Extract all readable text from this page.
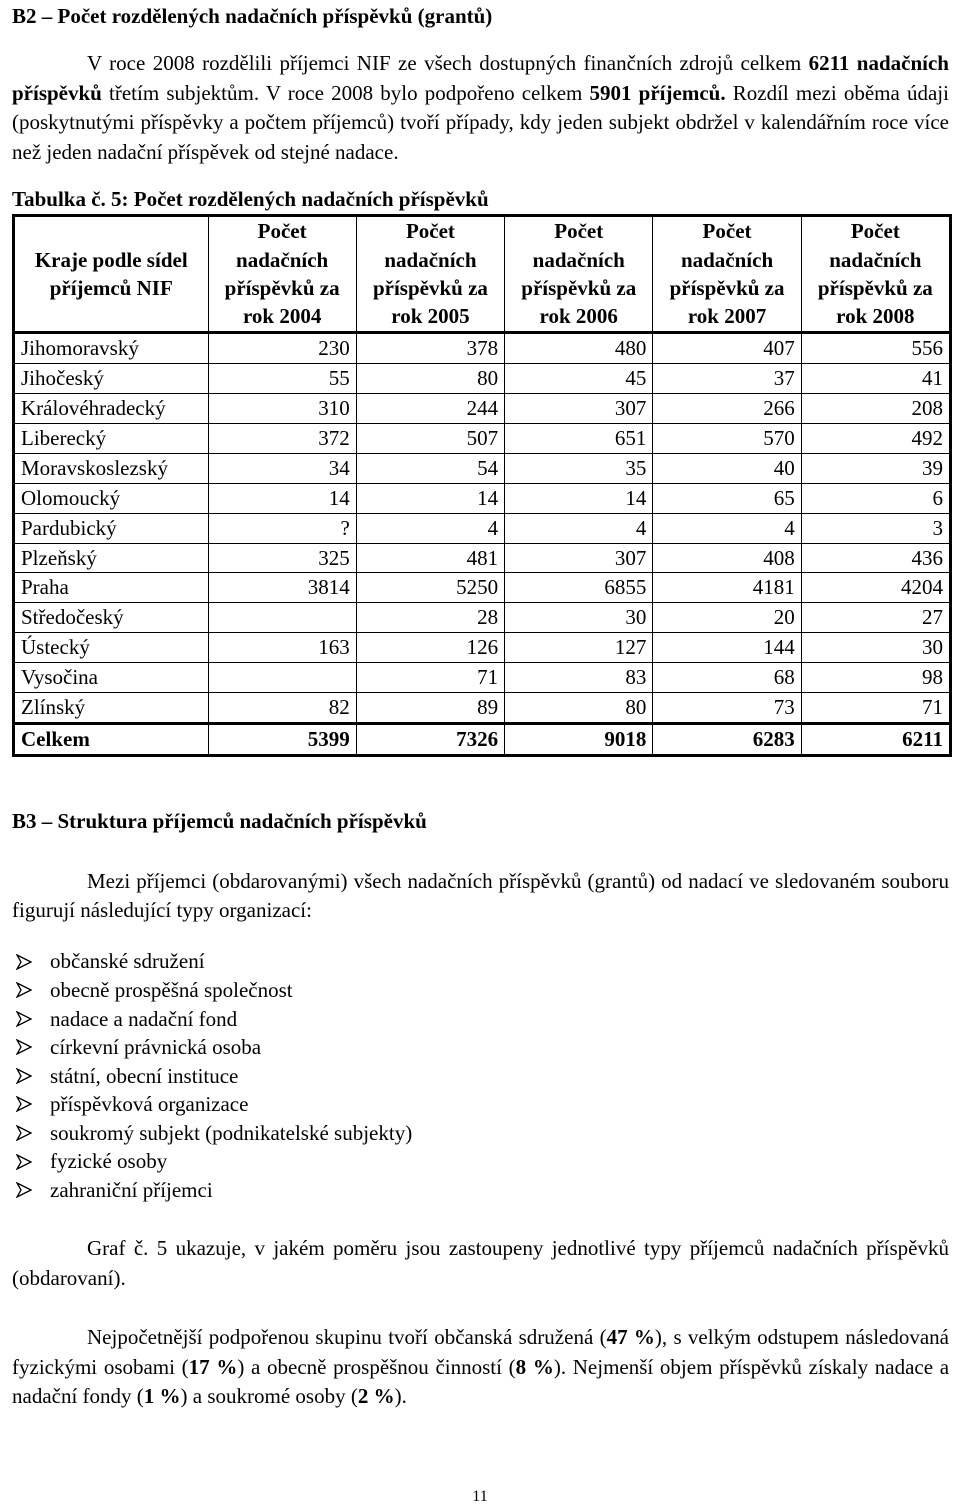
B2 – Počet rozdělených nadačních příspěvků (grantů)

V roce 2008 rozdělili příjemci NIF ze všech dostupných finančních zdrojů celkem 6211 nadačních příspěvků třetím subjektům. V roce 2008 bylo podpořeno celkem 5901 příjemců. Rozdíl mezi oběma údaji (poskytnutými příspěvky a počtem příjemců) tvoří případy, kdy jeden subjekt obdržel v kalendářním roce více než jeden nadační příspěvek od stejné nadace.

Tabulka č. 5: Počet rozdělených nadačních příspěvků
Kraje podle sídel příjemců NIF	Počet nadačních příspěvků za rok 2004	Počet nadačních příspěvků za rok 2005	Počet nadačních příspěvků za rok 2006	Počet nadačních příspěvků za rok 2007	Počet nadačních příspěvků za rok 2008
Jihomoravský	230	378	480	407	556
Jihočeský	55	80	45	37	41
Královéhradecký	310	244	307	266	208
Liberecký	372	507	651	570	492
Moravskoslezský	34	54	35	40	39
Olomoucký	14	14	14	65	6
Pardubický	?	4	4	4	3
Plzeňský	325	481	307	408	436
Praha	3814	5250	6855	4181	4204
Středočeský		28	30	20	27
Ústecký	163	126	127	144	30
Vysočina		71	83	68	98
Zlínský	82	89	80	73	71
Celkem	5399	7326	9018	6283	6211
B3 – Struktura příjemců nadačních příspěvků

Mezi příjemci (obdarovanými) všech nadačních příspěvků (grantů) od nadací ve sledovaném souboru figurují následující typy organizací:

občanské sdružení
obecně prospěšná společnost
nadace a nadační fond
církevní právnická osoba
státní, obecní instituce
příspěvková organizace
soukromý subjekt (podnikatelské subjekty)
fyzické osoby
zahraniční příjemci

Graf č. 5 ukazuje, v jakém poměru jsou zastoupeny jednotlivé typy příjemců nadačních příspěvků (obdarovaní).

Nejpočetnější podpořenou skupinu tvoří občanská sdružená (47 %), s velkým odstupem následovaná fyzickými osobami (17 %) a obecně prospěšnou činností (8 %). Nejmenší objem příspěvků získaly nadace a nadační fondy (1 %) a soukromé osoby (2 %).

11
